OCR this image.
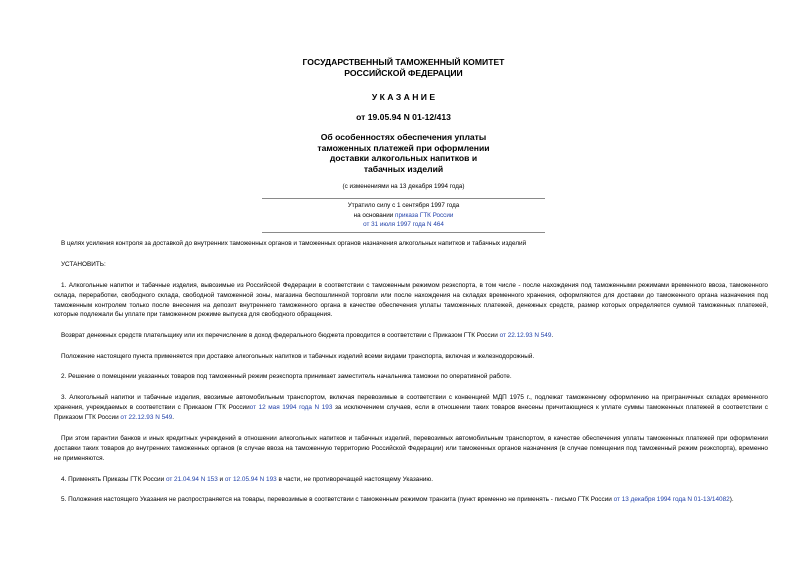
ГОСУДАРСТВЕННЫЙ ТАМОЖЕННЫЙ КОМИТЕТ
РОССИЙСКОЙ ФЕДЕРАЦИИ
У К А З А Н И Е
от 19.05.94 N 01-12/413
Об особенностях обеспечения уплаты
таможенных платежей при оформлении
доставки алкогольных напитков и
табачных изделий
(с изменениями на 13 декабря 1994 года)
Утратило силу с 1 сентября 1997 года
на основании приказа ГТК России
от 31 июля 1997 года N 464
В целях усиления контроля за доставкой до внутренних таможенных органов и таможенных органов назначения алкогольных напитков и табачных изделий
УСТАНОВИТЬ:
1. Алкогольные напитки и табачные изделия, вывозимые из Российской Федерации в соответствии с таможенным режимом реэкспорта, в том числе - после нахождения под таможенными режимами временного ввоза, таможенного склада, переработки, свободного склада, свободной таможенной зоны, магазина беспошлинной торговли или после нахождения на складах временного хранения, оформляются для доставки до таможенного органа назначения под таможенным контролем только после внесения на депозит внутреннего таможенного органа в качестве обеспечения уплаты таможенных платежей, денежных средств, размер которых определяется суммой таможенных платежей, которые подлежали бы уплате при таможенном режиме выпуска для свободного обращения.
Возврат денежных средств плательщику или их перечисление в доход федерального бюджета проводится в соответствии с Приказом ГТК России от 22.12.93 N 549.
Положение настоящего пункта применяется при доставке алкогольных напитков и табачных изделий всеми видами транспорта, включая и железнодорожный.
2. Решение о помещении указанных товаров под таможенный режим реэкспорта принимает заместитель начальника таможни по оперативной работе.
3. Алкогольный напитки и табачные изделия, ввозимые автомобильным транспортом, включая перевозимые в соответствии с конвенцией МДП 1975 г., подлежат таможенному оформлению на приграничных складах временного хранения, учреждаемых в соответствии с Приказом ГТК Россииот 12 мая 1994 года N 193 за исключением случаев, если в отношении таких товаров внесены причитающиеся к уплате суммы таможенных платежей в соответствии с Приказом ГТК России от 22.12.93 N 549.
При этом гарантии банков и иных кредитных учреждений в отношении алкогольных напитков и табачных изделий, перевозимых автомобильным транспортом, в качестве обеспечения уплаты таможенных платежей при оформлении доставки таких товаров до внутренних таможенных органов (в случае ввоза на таможенную территорию Российской Федерации) или таможенных органов назначения (в случае помещения под таможенный режим реэкспорта), временно не применяются.
4. Применять Приказы ГТК России от 21.04.94 N 153 и от 12.05.94 N 193 в части, не противоречащей настоящему Указанию.
5. Положения настоящего Указания не распространяется на товары, перевозимые в соответствии с таможенным режимом транзита (пункт временно не применять - письмо ГТК России от 13 декабря 1994 года N 01-13/14082).
